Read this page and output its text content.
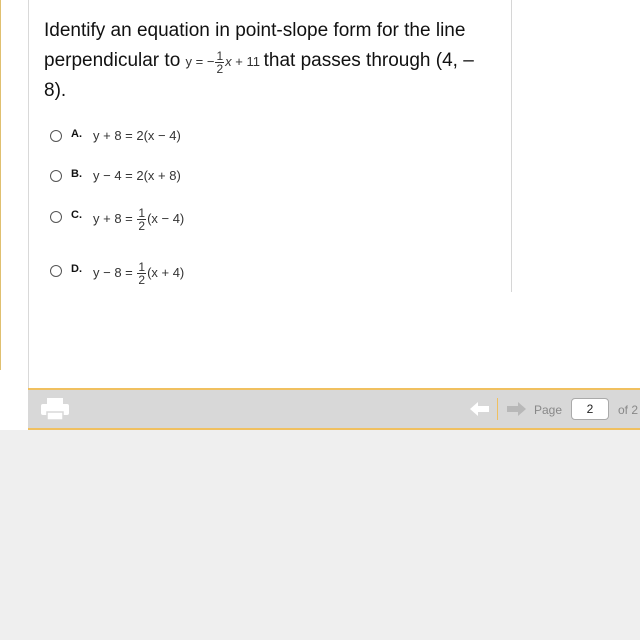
Identify an equation in point-slope form for the line perpendicular to y = − $\frac{1}{2}$ x + 11 that passes through (4, –8).
A. y + 8 = 2(x − 4)
B. y − 4 = 2(x + 8)
C. $y + 8 = \frac{1}{2} (x - 4)$
D. $y - 8 = \frac{1}{2} (x + 4)$
Page
2	of 2
